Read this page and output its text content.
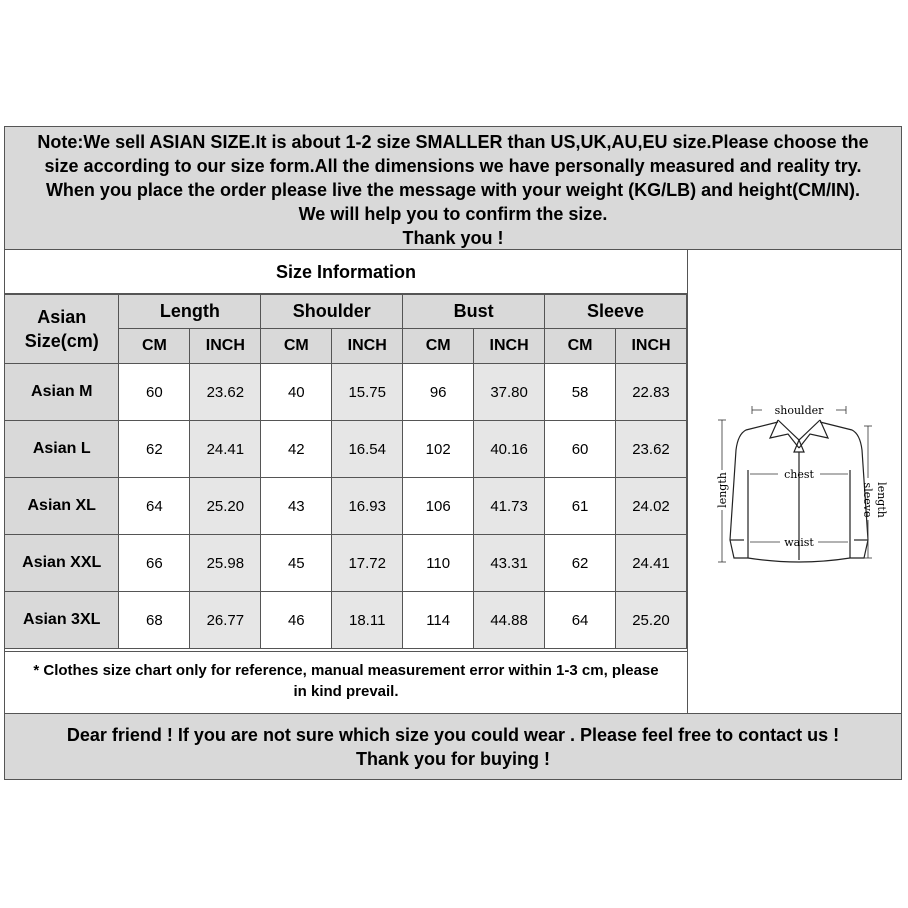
Note:We sell ASIAN SIZE.It is about 1-2 size SMALLER than US,UK,AU,EU size.Please choose the
size according to our size form.All the dimensions we have personally measured and reality try.
When you place the order please live the message with your weight (KG/LB) and height(CM/IN).
We will help you to confirm the size.
Thank you !
Size Information
Asian
Size(cm)	Length		Shoulder		Bust		Sleeve	
	CM	INCH	CM	INCH	CM	INCH	CM	INCH
Asian M	60	23.62	40	15.75	96	37.80	58	22.83
Asian L	62	24.41	42	16.54	102	40.16	60	23.62
Asian XL	64	25.20	43	16.93	106	41.73	61	24.02
Asian XXL	66	25.98	45	17.72	110	43.31	62	24.41
Asian 3XL	68	26.77	46	18.11	114	44.88	64	25.20
* Clothes size chart only for reference, manual measurement error within 1-3 cm, please
in kind prevail.
shoulder
chest
waist
length	sleeve length
Dear friend ! If you are not sure which size you could wear . Please feel free to contact us !
Thank you for buying !
